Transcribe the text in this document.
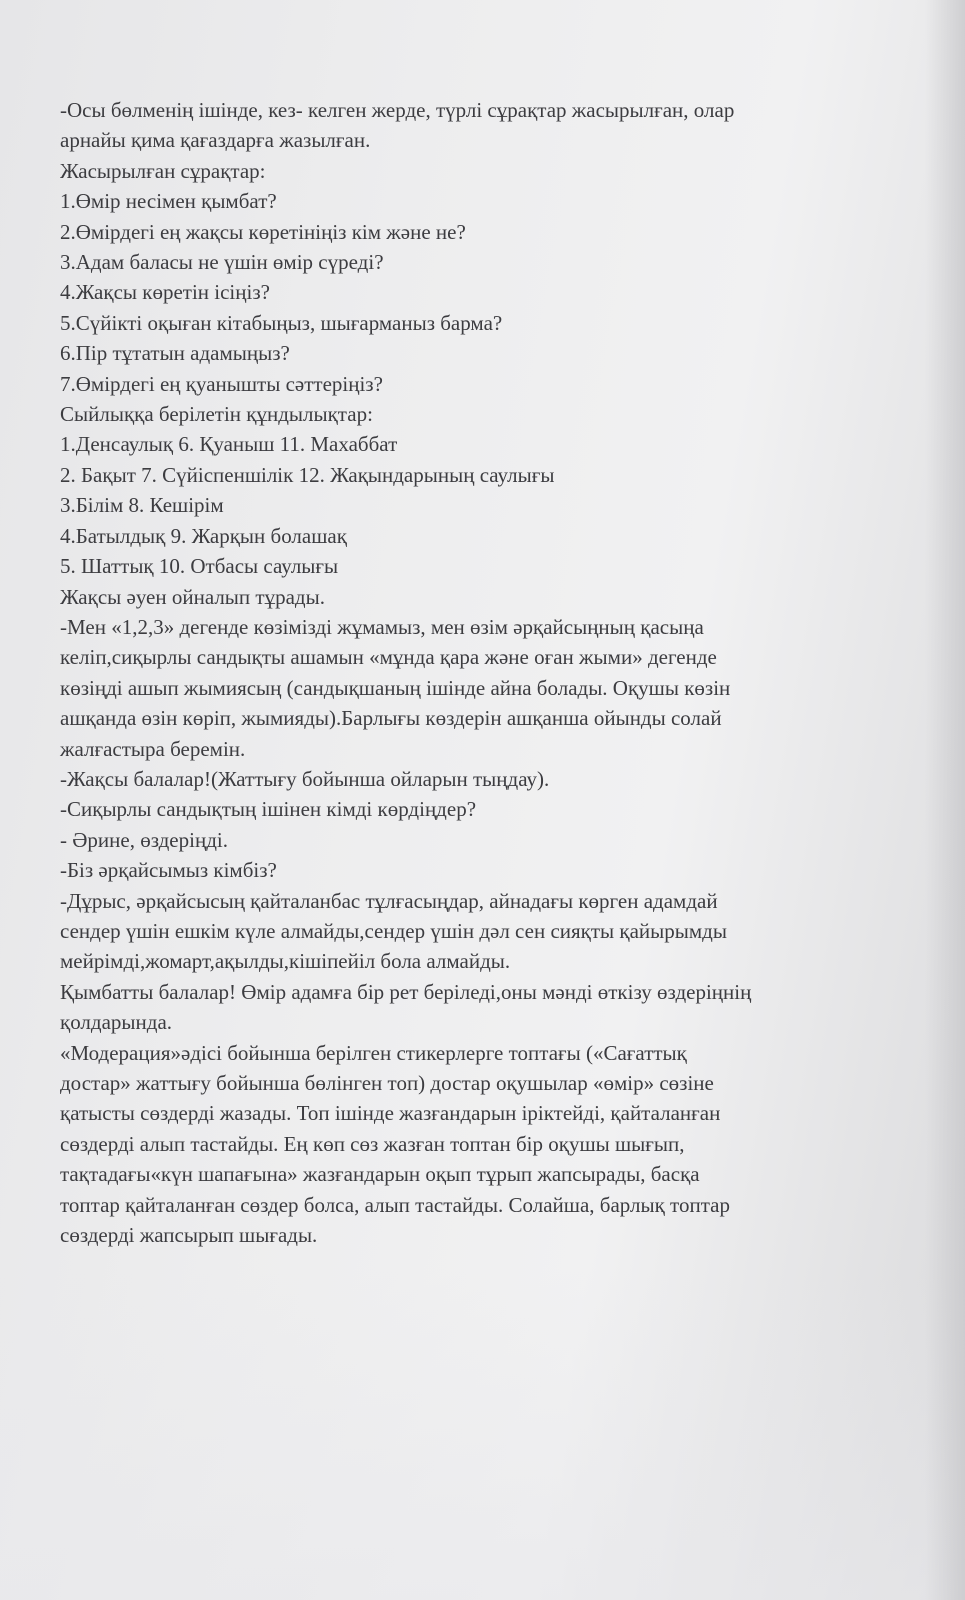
-Осы бөлменің ішінде, кез- келген жерде, түрлі сұрақтар жасырылған, олар
арнайы қима қағаздарға жазылған.
Жасырылған сұрақтар:
1.Өмір несімен қымбат?
2.Өмірдегі ең жақсы көретініңіз кім және не?
3.Адам баласы не үшін өмір сүреді?
4.Жақсы көретін ісіңіз?
5.Сүйікті оқыған кітабыңыз, шығарманыз барма?
6.Пір тұтатын адамыңыз?
7.Өмірдегі ең қуанышты сәттеріңіз?
Сыйлыққа берілетін құндылықтар:
1.Денсаулық 6. Қуаныш 11. Махаббат
2. Бақыт 7. Сүйіспеншілік 12. Жақындарының саулығы
3.Білім 8. Кешірім
4.Батылдық 9. Жарқын болашақ
5. Шаттық 10. Отбасы саулығы
Жақсы әуен ойналып тұрады.
-Мен «1,2,3» дегенде көзімізді жұмамыз, мен өзім әрқайсыңның қасыңа
келіп,сиқырлы сандықты ашамын «мұнда қара және оған жыми» дегенде
көзіңді ашып жымиясың (сандықшаның ішінде айна болады. Оқушы көзін
ашқанда өзін көріп, жымияды).Барлығы көздерін ашқанша ойынды солай
жалғастыра беремін.
-Жақсы балалар!(Жаттығу бойынша ойларын тыңдау).
-Сиқырлы сандықтың ішінен кімді көрдіңдер?
- Әрине, өздеріңді.
-Біз әрқайсымыз кімбіз?
-Дұрыс, әрқайсысың қайталанбас тұлғасыңдар, айнадағы көрген адамдай
сендер үшін ешкім күле алмайды,сендер үшін дәл сен сияқты қайырымды
мейрімді,жомарт,ақылды,кішіпейіл бола алмайды.
Қымбатты балалар! Өмір адамға бір рет беріледі,оны мәнді өткізу өздеріңнің
қолдарында.
«Модерация»әдісі бойынша берілген стикерлерге топтағы («Сағаттық
достар» жаттығу бойынша бөлінген топ) достар оқушылар «өмір» сөзіне
қатысты сөздерді жазады. Топ ішінде жазғандарын іріктейді, қайталанған
сөздерді алып тастайды. Ең көп сөз жазған топтан бір оқушы шығып,
тақтадағы«күн шапағына» жазғандарын оқып тұрып жапсырады, басқа
топтар қайталанған сөздер болса, алып тастайды. Солайша, барлық топтар
сөздерді жапсырып шығады.
